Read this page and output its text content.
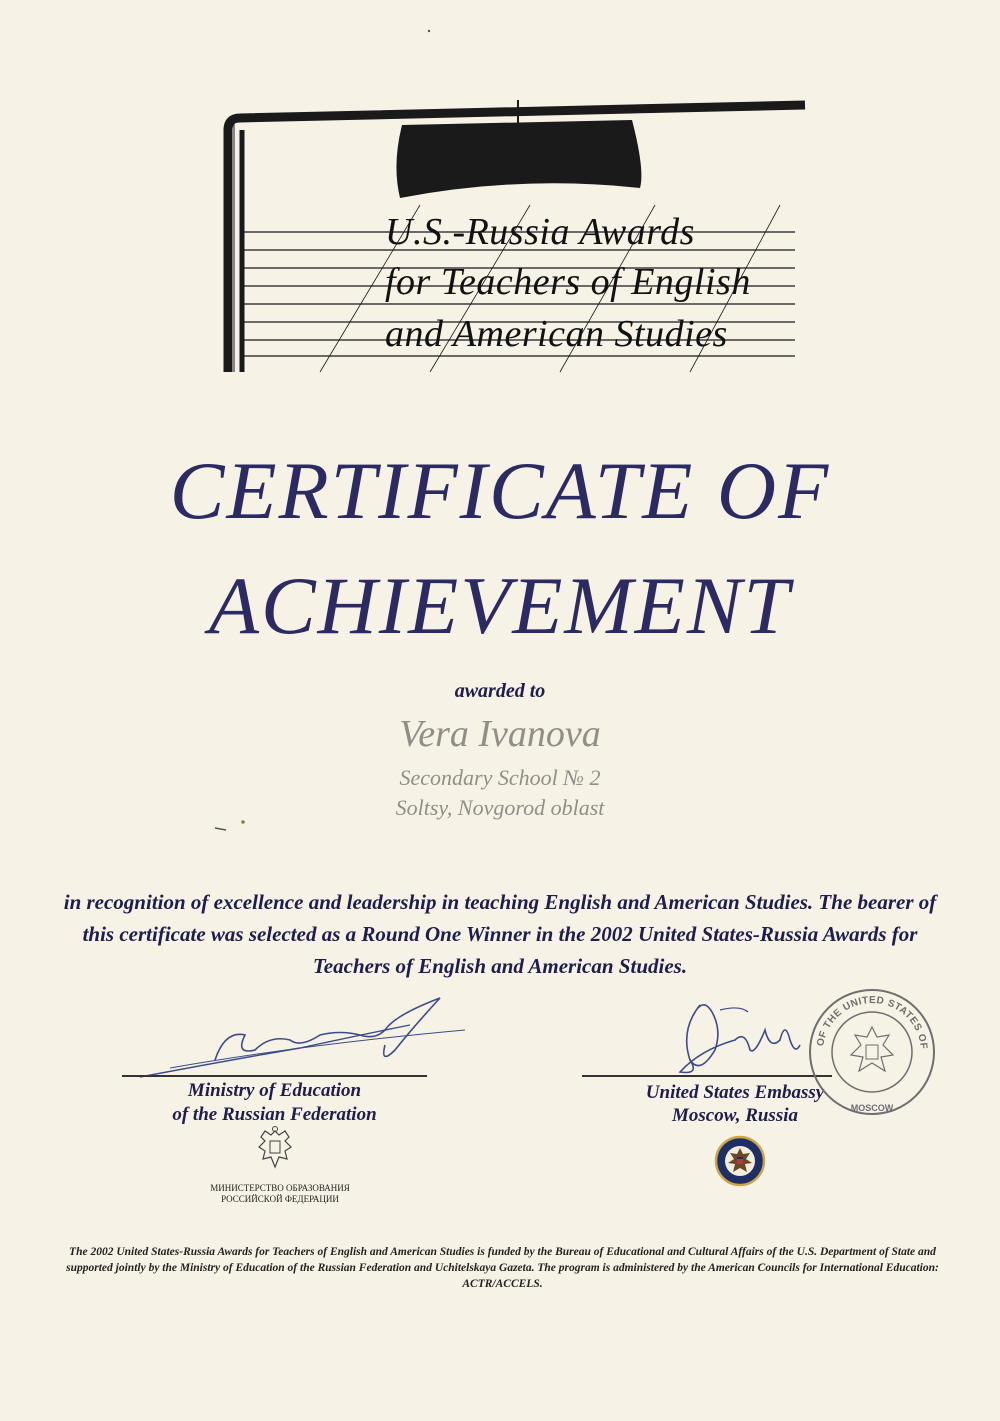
U.S.-Russia Awards
for Teachers of English
and American Studies
CERTIFICATE OF
ACHIEVEMENT
awarded to
Vera Ivanova
Secondary School № 2
Soltsy, Novgorod oblast
in recognition of excellence and leadership in teaching English and American Studies. The bearer of this certificate was selected as a Round One Winner in the 2002 United States-Russia Awards for Teachers of English and American Studies.
Ministry of Education
of the Russian Federation
МИНИСТЕРСТВО ОБРАЗОВАНИЯ
РОССИЙСКОЙ ФЕДЕРАЦИИ
United States Embassy
Moscow, Russia
EMBASSY OF THE UNITED STATES OF AMERICA
MOSCOW
The 2002 United States-Russia Awards for Teachers of English and American Studies is funded by the Bureau of Educational and Cultural Affairs of the U.S. Department of State and supported jointly by the Ministry of Education of the Russian Federation and Uchitelskaya Gazeta. The program is administered by the American Councils for International Education: ACTR/ACCELS.
